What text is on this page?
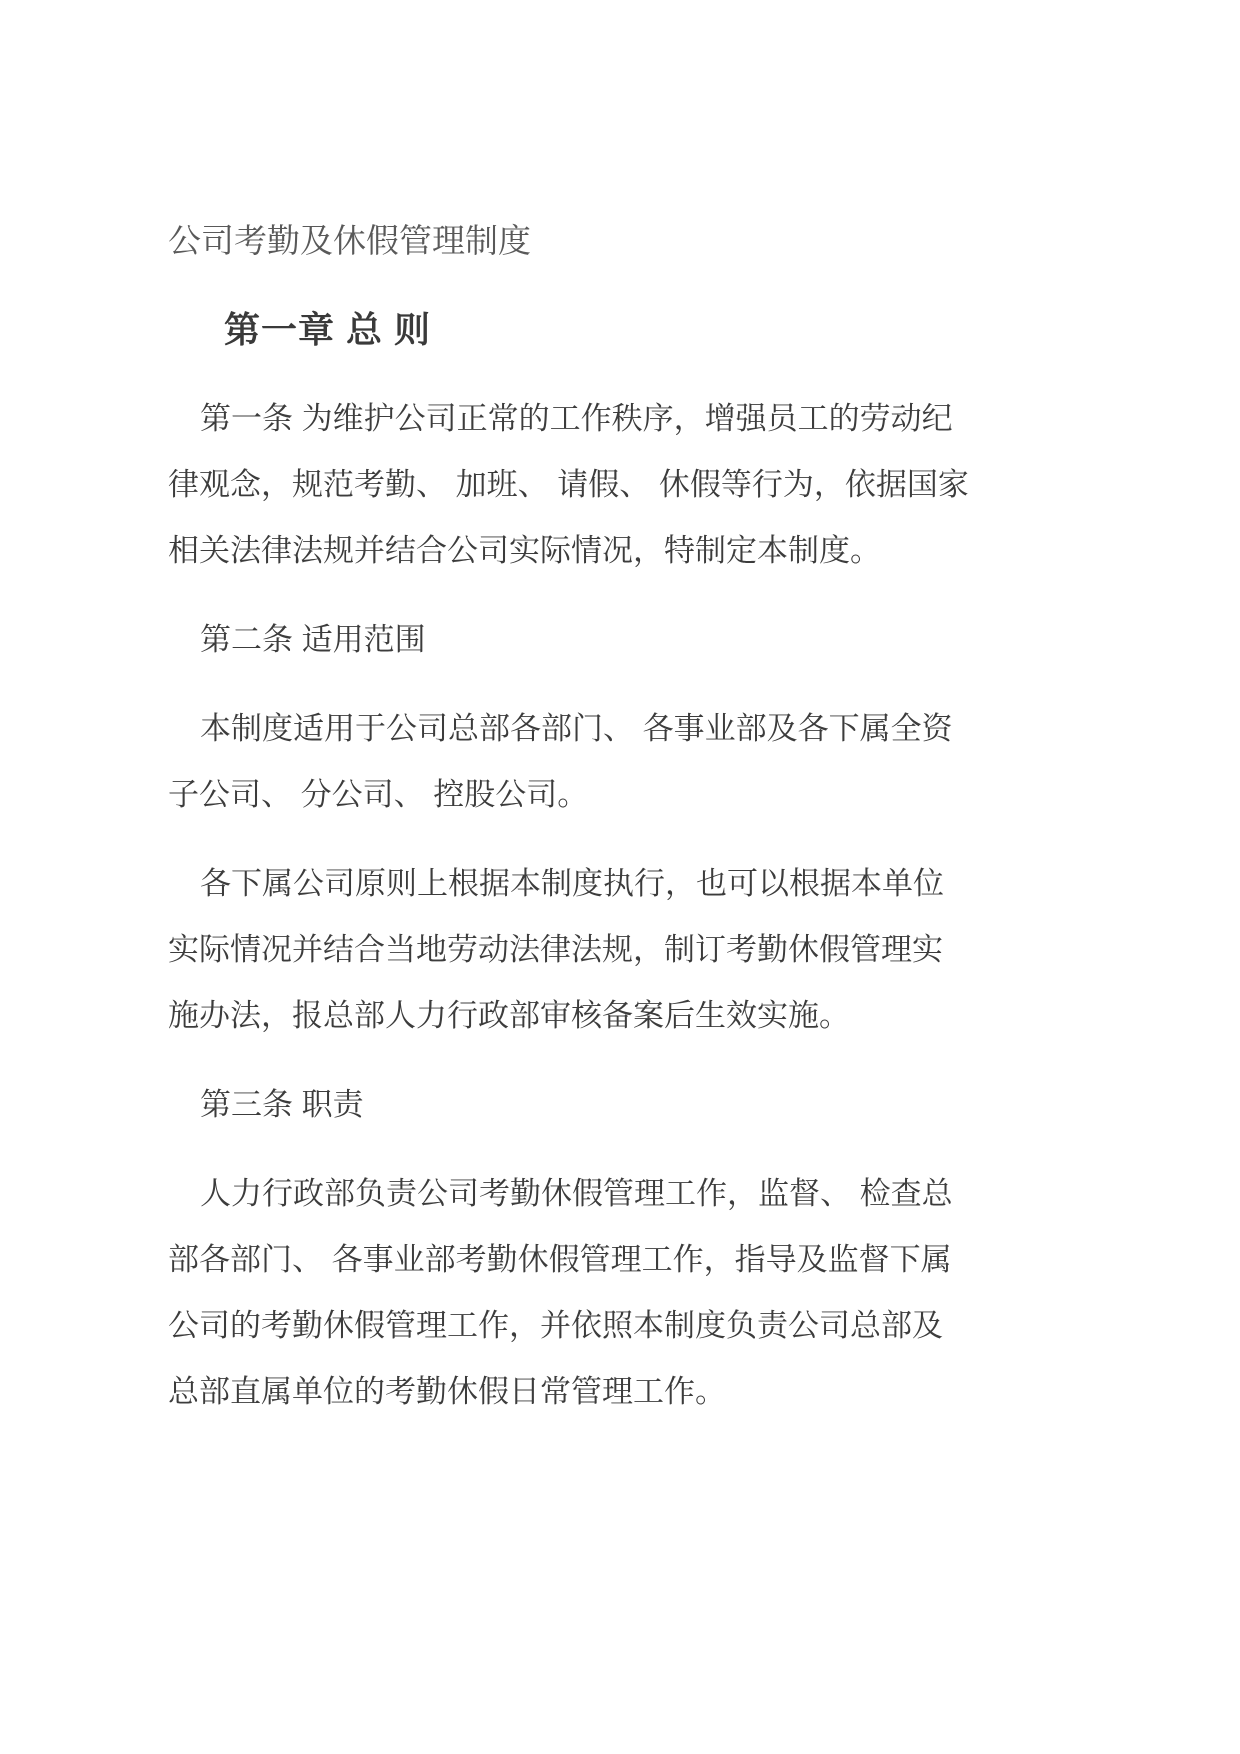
公司考勤及休假管理制度
第一章 总 则
第一条 为维护公司正常的工作秩序，增强员工的劳动纪
律观念，规范考勤、 加班、 请假、 休假等行为，依据国家
相关法律法规并结合公司实际情况，特制定本制度。
第二条 适用范围
本制度适用于公司总部各部门、 各事业部及各下属全资
子公司、 分公司、 控股公司。
各下属公司原则上根据本制度执行，也可以根据本单位
实际情况并结合当地劳动法律法规，制订考勤休假管理实
施办法，报总部人力行政部审核备案后生效实施。
第三条 职责
人力行政部负责公司考勤休假管理工作，监督、 检查总
部各部门、 各事业部考勤休假管理工作，指导及监督下属
公司的考勤休假管理工作，并依照本制度负责公司总部及
总部直属单位的考勤休假日常管理工作。
